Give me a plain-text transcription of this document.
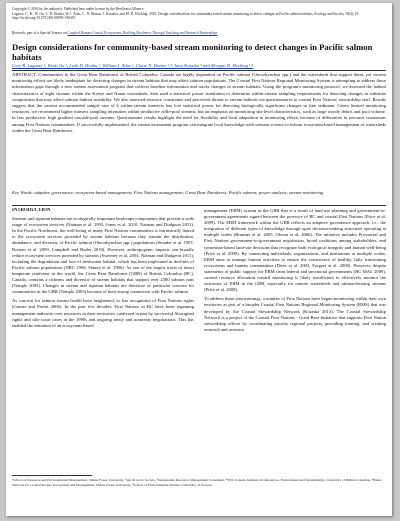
Copyright © 2016 by the author(s). Published here under license by the Resilience Alliance.
Lagasse, C. R., W. Ou, L. D. Honka, W. I. Atlas, C. N. Hutton, J. Kotaska, and M. D. Hocking. 2016. Design considerations for community-based stream monitoring to detect changes in Pacific salmon habitats. Ecology and Society 19(4): 19. http://dx.doi.org/10.5751/ES-08876-190419
Research, part of a Special Feature on Coupled Human-Coastal Ecosystems: Building Resilience Through Teaching and Research Partnerships
Design considerations for community-based stream monitoring to detect changes in Pacific salmon habitats
Cory R. Lagasse ¹, Wenli Ou ², Leah D. Honka ¹, William I. Atlas ¹, Claire N. Hutton ¹,⁴, Jana Kotaska ³ and Morgan D. Hocking ¹,⁴
ABSTRACT. Communities in the Great Bear Rainforest of British Columbia, Canada are highly dependent on Pacific salmon (Oncorhynchus spp.) and the watersheds that support them, yet current monitoring efforts are likely inadequate for detecting changes in stream habitats that may affect salmon populations. The Coastal First Nations Regional Monitoring System is attempting to address these information gaps through a new stream assessment program that collects baseline information and tracks changes in stream habitats. Using the program's monitoring protocol, we assessed the habitat characteristics of eight streams within the Koeye and Namu watersheds, then used a statistical power simulation to determine within-stream sampling requirements for detecting changes in substrate composition that may affect salmon habitat suitability. We also assessed resource constraints and perceived threats to stream habitats via questionnaires to coastal First Nations' stewardship staff. Results suggest that the current recommended sample size of 6 within-stream transects has low statistical power for detecting biologically significant changes in fine sediment. Given limited monitoring resources, we recommend higher transect sampling intensities within productive riffle-pool streams, but an emphasis on monitoring site level characteristics, such as large woody debris and pool volume, in less productive, high gradient cascade-pool streams. Questionnaire results highlight the need for flexibility and local adaptation in monitoring efforts because of differences in resource constraints among First Nations communities. If successfully implemented, the stream assessment program can integrate local knowledge with western science to inform ecosystem-based management of watersheds within the Great Bear Rainforest.
Key Words: adaptive governance; ecosystem-based management; First Nations management; Great Bear Rainforest; Pacific salmon; power analysis; stream monitoring
INTRODUCTION

Streams and riparian habitats are ecologically important landscape components that provide a wide range of ecosystem services (Naiman et al. 1993, Jones et al. 2010, Naiman and Dudgeon 2011). In the Pacific Northwest, the well-being of many First Nations communities is intrinsically linked to the ecosystem services provided by stream habitats because they sustain the distribution, abundance, and diversity of Pacific salmon (Oncorhynchus spp.) populations (Stouder et al. 1997, Bottom et al. 2009, Campbell and Butler 2010). However, anthropogenic impacts can broadly reduce ecosystem services provided by streams (Sweeney et al. 2004, Naiman and Dudgeon 2011), including the degradation and loss of freshwater habitat, which has been implicated in declines of Pacific salmon populations (NRC 1996, Slaney et al. 1996). As one of the largest tracts of intact temperate rainforest in the world, the Great Bear Rainforest (GBR) of British Columbia (BC), Canada, contains a richness and diversity of stream habitats that support over 2500 salmon runs (Temple 2005). Changes in stream and riparian habitats are therefore of particular concern for communities in the GBR (Temple 2005) because of their strong connection with Pacific salmon.

As concern for salmon stream health have heightened, so has recognition of First Nations rights (Garner and Parfitt 2006). In the past few decades, First Nations in BC have been regaining management authority over resources in their territories, catalyzed in part by successful Aboriginal rights and title court cases in the 1990s and ongoing treaty and nontreaty negotiations. This has enabled the initiation of an ecosystem-based

management (EBM) system in the GBR that is a result of land use planning and government-to-government agreements signed between the province of BC and coastal First Nations (Price et al. 2009). The EBM framework within the GBR reflects an adaptive governance approach, i.e., the integration of different types of knowledge through open decision-making structures operating at multiple scales (Brunner et al. 2005, Olsson et al. 2006). The initiative includes Provincial and First Nations government-to-government negotiation, broad coalitions among stakeholders, and consensus-based land-use decisions that recognize both ecological integrity and human well-being (Price et al. 2009). By connecting individuals, organizations, and institutions at multiple scales, EBM aims to manage human activities to ensure the coexistence of healthy, fully functioning ecosystems and human communities (Dietz et al. 2003, Forgeet et al. 2008). However, despite statements of public support for EBM from federal and provincial governments (BC MAL 2009), current resource allocation toward monitoring is likely insufficient to effectively monitor the outcomes of EBM in the GBR, especially for remote watersheds and salmon-bearing streams (Price et al. 2008).

To address these shortcomings, a number of First Nations have begun monitoring within their own territories as part of a broader Coastal First Nations Regional Monitoring System (RMS) that was developed by the Coastal Stewardship Network (Kotaska 2013). The Coastal Stewardship Network is a project of the Coastal First Nations - Great Bear Initiative that supports First Nation stewardship offices by coordinating priority regional projects, providing training, and creating outreach and resource

¹School of Resource and Environmental Management, Simon Fraser University, ²Qqs Projects Society, ³Independent Resource Management Consultant, ⁴TNC Canada, Institute for Resources, Environment and Sustainability, University of British Columbia, ⁵Hakai Network for Coastal People, Ecosystems and Management, Simon Fraser University, ⁶School of Environmental Studies, University of Victoria
